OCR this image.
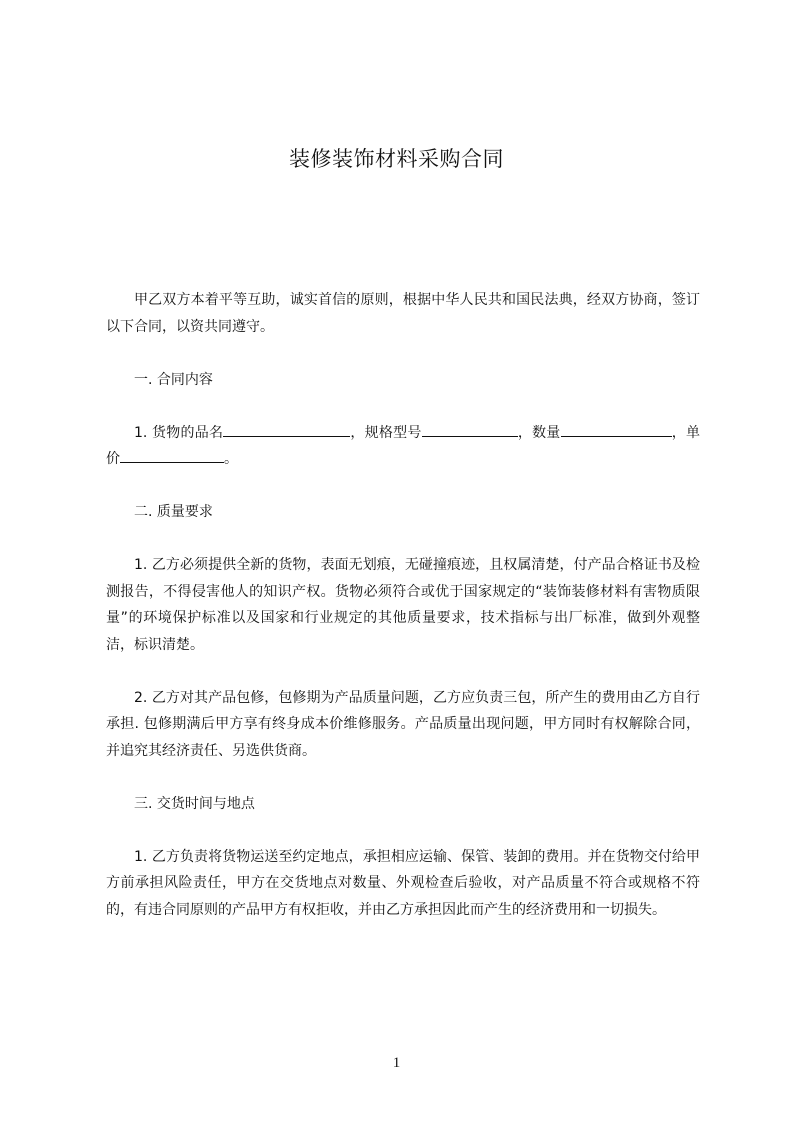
装修装饰材料采购合同

甲乙双方本着平等互助，诚实首信的原则，根据中华人民共和国民法典，经双方协商，签订以下合同，以资共同遵守。

一. 合同内容

1. 货物的品名	，规格型号	，数量	，单价	。

二. 质量要求

1. 乙方必须提供全新的货物，表面无划痕，无碰撞痕迹，且权属清楚，付产品合格证书及检测报告，不得侵害他人的知识产权。货物必须符合或优于国家规定的“装饰装修材料有害物质限量”的环境保护标准以及国家和行业规定的其他质量要求，技术指标与出厂标准，做到外观整洁，标识清楚。

2. 乙方对其产品包修，包修期为产品质量问题，乙方应负责三包，所产生的费用由乙方自行承担. 包修期满后甲方享有终身成本价维修服务。产品质量出现问题，甲方同时有权解除合同，并追究其经济责任、另选供货商。

三. 交货时间与地点

1. 乙方负责将货物运送至约定地点，承担相应运输、保管、装卸的费用。并在货物交付给甲方前承担风险责任，甲方在交货地点对数量、外观检查后验收，对产品质量不符合或规格不符的，有违合同原则的产品甲方有权拒收，并由乙方承担因此而产生的经济费用和一切损失。

1
